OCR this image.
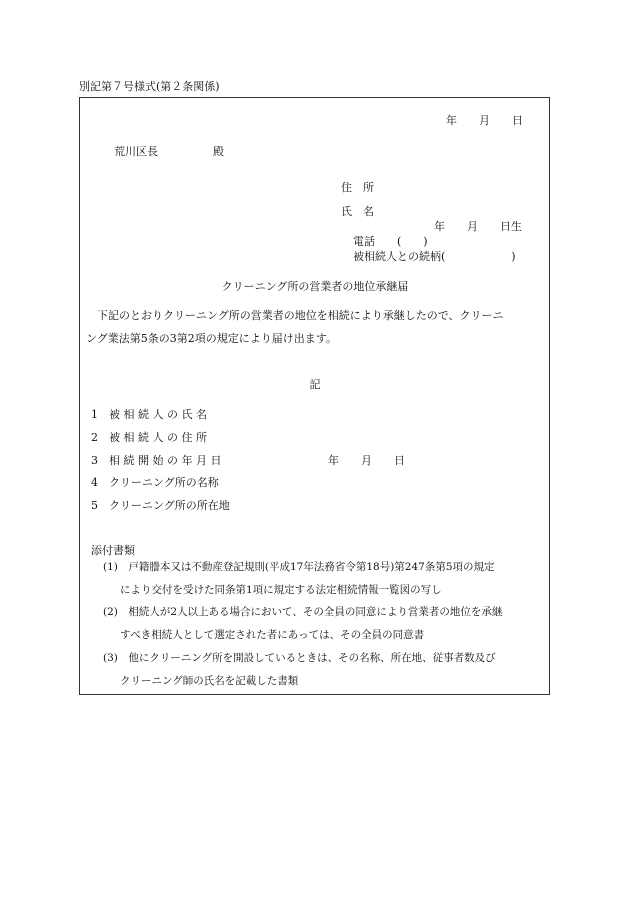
別記第７号様式(第２条関係)
年　　月　　日
荒川区長　　　　　殿
住　所
氏　名
年　　月　　日生
電話　　(　　)
被相続人との続柄(　　　　　　)
クリーニング所の営業者の地位承継届
　下記のとおりクリーニング所の営業者の地位を相続により承継したので、クリーニ
ング業法第5条の3第2項の規定により届け出ます。
記
1　被 相 続 人 の 氏 名
2　被 相 続 人 の 住 所
3　相 続 開 始 の 年 月 日	年　　月　　日
4　クリーニング所の名称
5　クリーニング所の所在地
添付書類
(1)　戸籍謄本又は不動産登記規則(平成17年法務省令第18号)第247条第5項の規定
により交付を受けた同条第1項に規定する法定相続情報一覧図の写し
(2)　相続人が2人以上ある場合において、その全員の同意により営業者の地位を承継
すべき相続人として選定された者にあっては、その全員の同意書
(3)　他にクリーニング所を開設しているときは、その名称、所在地、従事者数及び
クリーニング師の氏名を記載した書類
